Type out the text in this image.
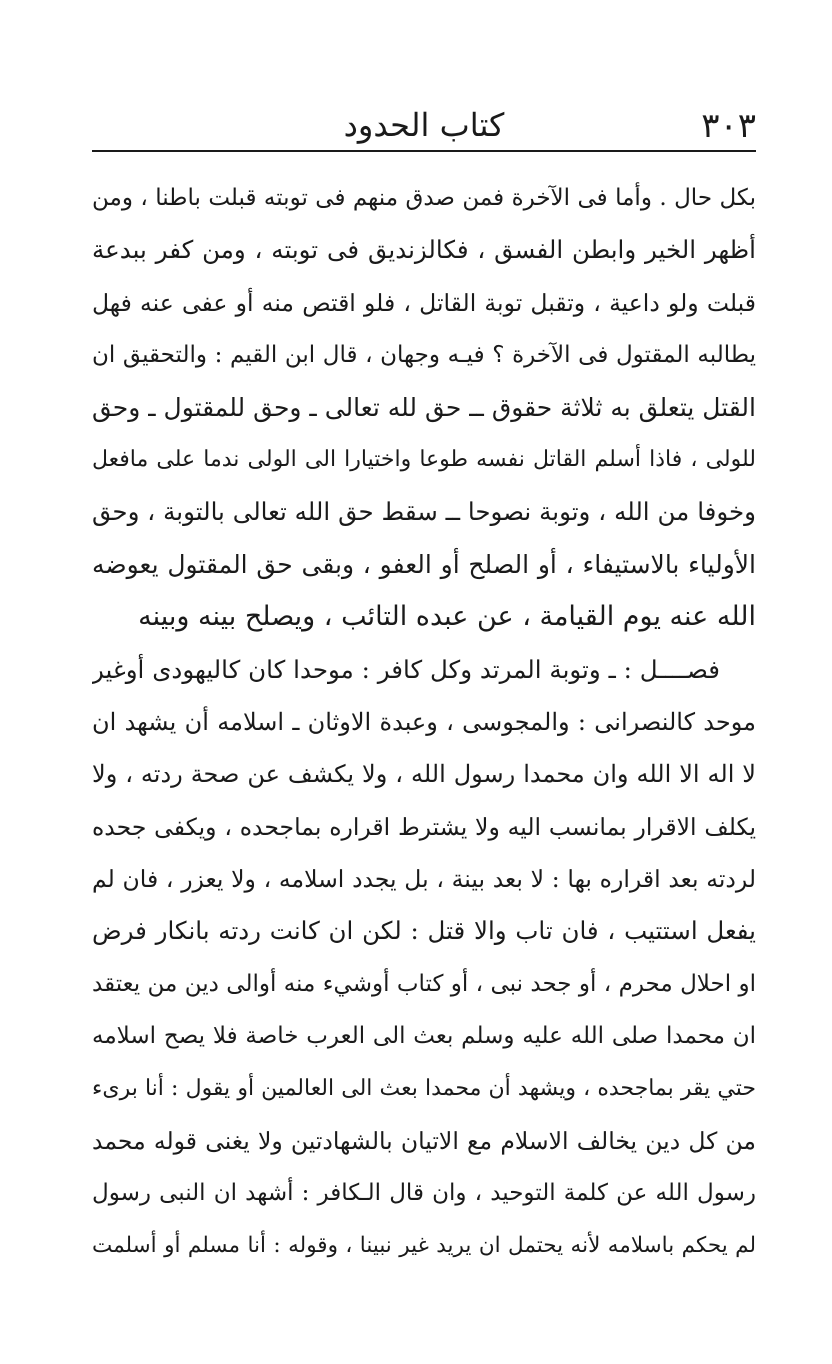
٣٠٣
كتاب الحدود
بكل حال . وأما فى الآخرة فمن صدق منهم فى توبته قبلت باطنا ، ومن
أظهر الخير وابطن الفسق ، فكالزنديق فى توبته ، ومن كفر ببدعة
قبلت ولو داعية ، وتقبل توبة القاتل ، فلو اقتص منه أو عفى عنه فهل
يطالبه المقتول فى الآخرة ؟ فيـه وجهان ، قال ابن القيم : والتحقيق ان
القتل يتعلق به ثلاثة حقوق ــ حق لله تعالى ـ وحق للمقتول ـ وحق
للولى ، فاذا أسلم القاتل نفسه طوعا واختيارا الى الولى ندما على مافعل
وخوفا من الله ، وتوبة نصوحا ــ سقط حق الله تعالى بالتوبة ، وحق
الأولياء بالاستيفاء ، أو الصلح أو العفو ، وبقى حق المقتول يعوضه
الله عنه يوم القيامة ، عن عبده التائب ، ويصلح بينه وبينه
فصــــل : ـ وتوبة المرتد وكل كافر : موحدا كان كاليهودى أوغير
موحد كالنصرانى : والمجوسى ، وعبدة الاوثان ـ اسلامه أن يشهد ان
لا اله الا الله وان محمدا رسول الله ، ولا يكشف عن صحة ردته ، ولا
يكلف الاقرار بمانسب اليه ولا يشترط اقراره بماجحده ، ويكفى جحده
لردته بعد اقراره بها : لا بعد بينة ، بل يجدد اسلامه ، ولا يعزر ، فان لم
يفعل استتيب ، فان تاب والا قتل : لكن ان كانت ردته بانكار فرض
او احلال محرم ، أو جحد نبى ، أو كتاب أوشيء منه أوالى دين من يعتقد
ان محمدا صلى الله عليه وسلم بعث الى العرب خاصة فلا يصح اسلامه
حتي يقر بماجحده ، ويشهد أن محمدا بعث الى العالمين أو يقول : أنا برىء
من كل دين يخالف الاسلام مع الاتيان بالشهادتين ولا يغنى قوله محمد
رسول الله عن كلمة التوحيد ، وان قال الـكافر : أشهد ان النبى رسول
لم يحكم باسلامه لأنه يحتمل ان يريد غير نبينا ، وقوله : أنا مسلم أو أسلمت
